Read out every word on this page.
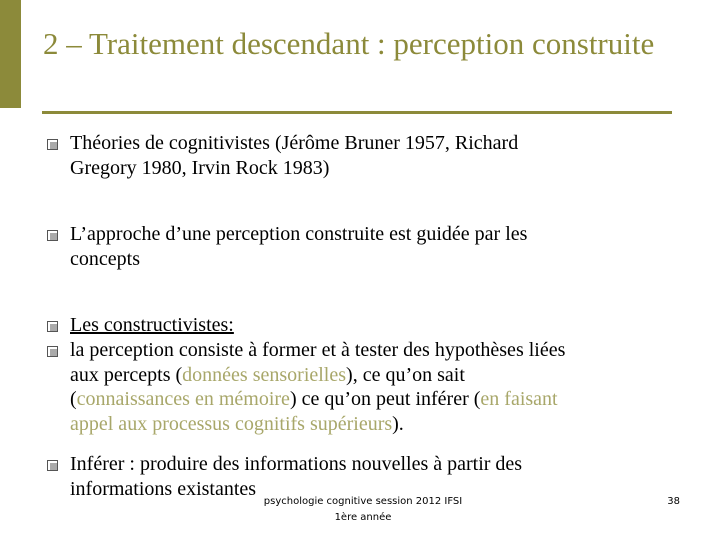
2 – Traitement descendant : perception construite
Théories de cognitivistes (Jérôme Bruner 1957, Richard
Gregory 1980, Irvin Rock 1983)
L’approche d’une perception construite est guidée par les
concepts
Les constructivistes:
la perception consiste à former et à tester des hypothèses liées
aux percepts (données sensorielles), ce qu’on sait
(connaissances en mémoire) ce qu’on peut inférer (en faisant
appel aux processus cognitifs supérieurs).
Inférer : produire des informations nouvelles à partir des
informations existantes
psychologie cognitive session 2012 IFSI
1ère année
38
